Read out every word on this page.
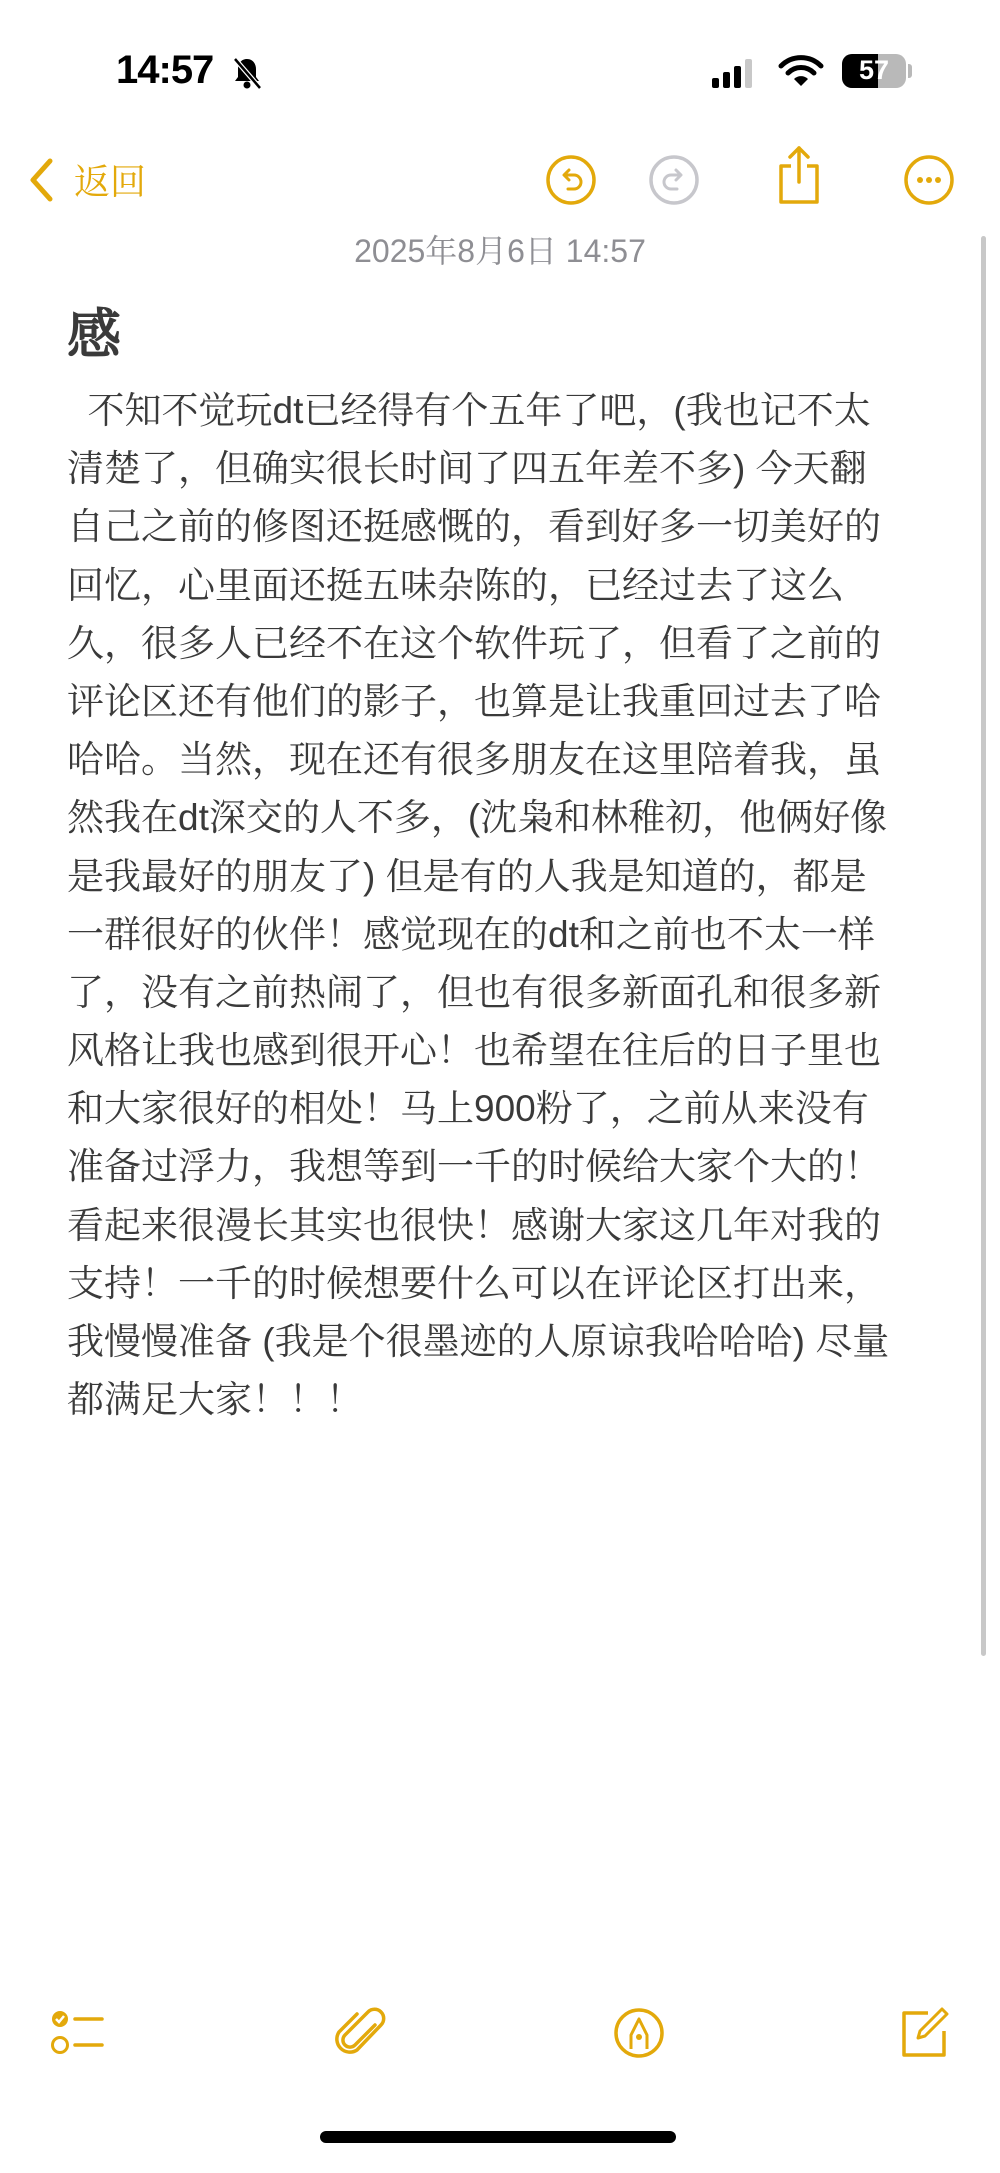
14:57	57
返回
2025年8月6日 14:57
感
不知不觉玩dt已经得有个五年了吧，(我也记不太
清楚了，但确实很长时间了四五年差不多) 今天翻
自己之前的修图还挺感慨的，看到好多一切美好的
回忆，心里面还挺五味杂陈的，已经过去了这么
久，很多人已经不在这个软件玩了，但看了之前的
评论区还有他们的影子，也算是让我重回过去了哈
哈哈。当然，现在还有很多朋友在这里陪着我，虽
然我在dt深交的人不多，(沈枭和林稚初，他俩好像
是我最好的朋友了) 但是有的人我是知道的，都是
一群很好的伙伴！感觉现在的dt和之前也不太一样
了，没有之前热闹了，但也有很多新面孔和很多新
风格让我也感到很开心！也希望在往后的日子里也
和大家很好的相处！马上900粉了，之前从来没有
准备过浮力，我想等到一千的时候给大家个大的！
看起来很漫长其实也很快！感谢大家这几年对我的
支持！一千的时候想要什么可以在评论区打出来，
我慢慢准备 (我是个很墨迹的人原谅我哈哈哈) 尽量
都满足大家！！！
